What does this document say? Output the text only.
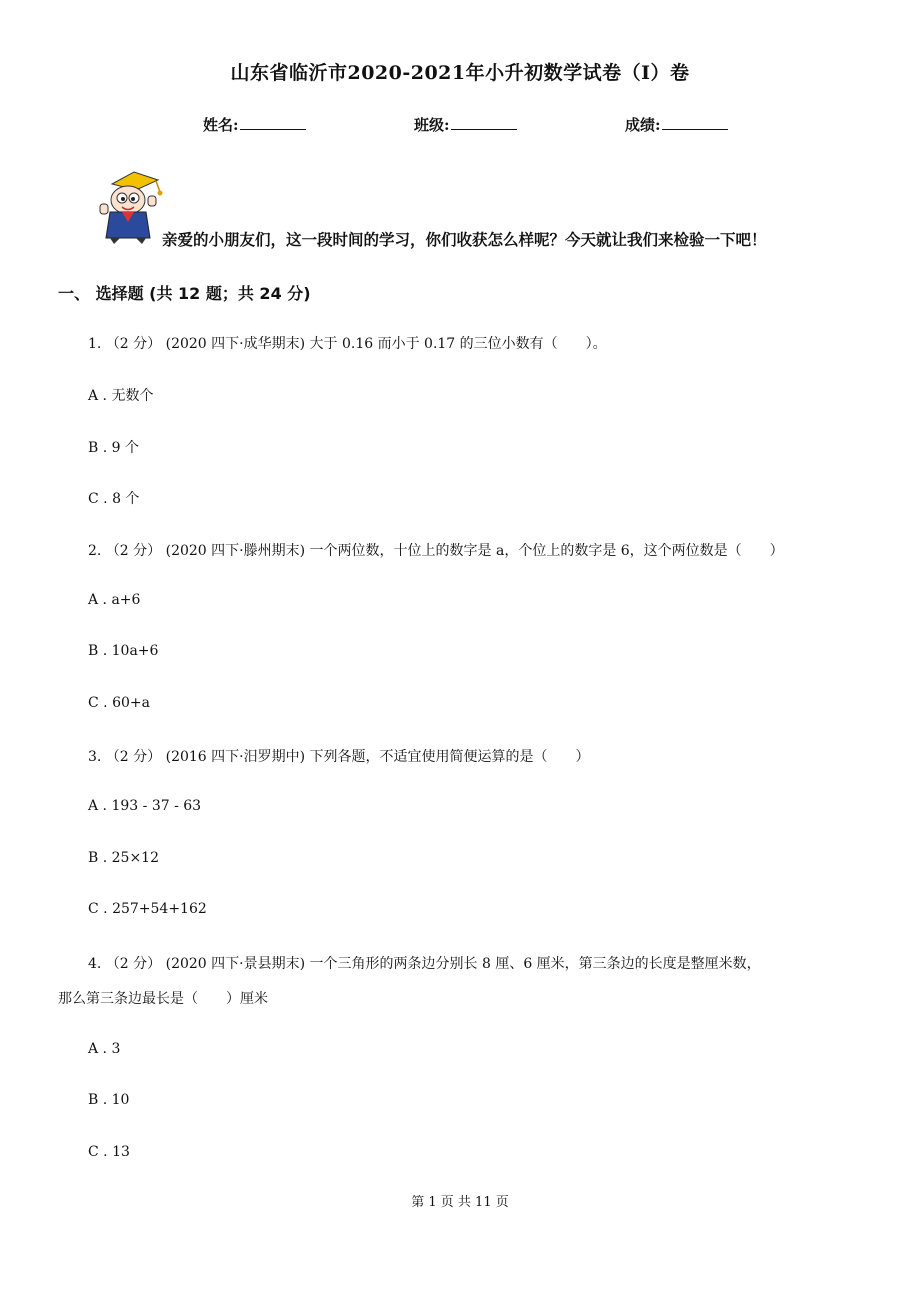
山东省临沂市2020-2021年小升初数学试卷（I）卷
姓名:	班级:	成绩:
亲爱的小朋友们，这一段时间的学习，你们收获怎么样呢？今天就让我们来检验一下吧！
一、 选择题 (共 12 题；共 24 分)
1. （2 分） (2020 四下·成华期末) 大于 0.16 而小于 0.17 的三位小数有（　　）。
A . 无数个
B . 9 个
C . 8 个
2. （2 分） (2020 四下·滕州期末) 一个两位数，十位上的数字是 a，个位上的数字是 6，这个两位数是（　　）
A . a+6
B . 10a+6
C . 60+a
3. （2 分） (2016 四下·汨罗期中) 下列各题，不适宜使用简便运算的是（　　）
A . 193 - 37 - 63
B . 25×12
C . 257+54+162
4. （2 分） (2020 四下·景县期末) 一个三角形的两条边分别长 8 厘、6 厘米，第三条边的长度是整厘米数，
那么第三条边最长是（　　）厘米
A . 3
B . 10
C . 13
第 1 页 共 11 页
